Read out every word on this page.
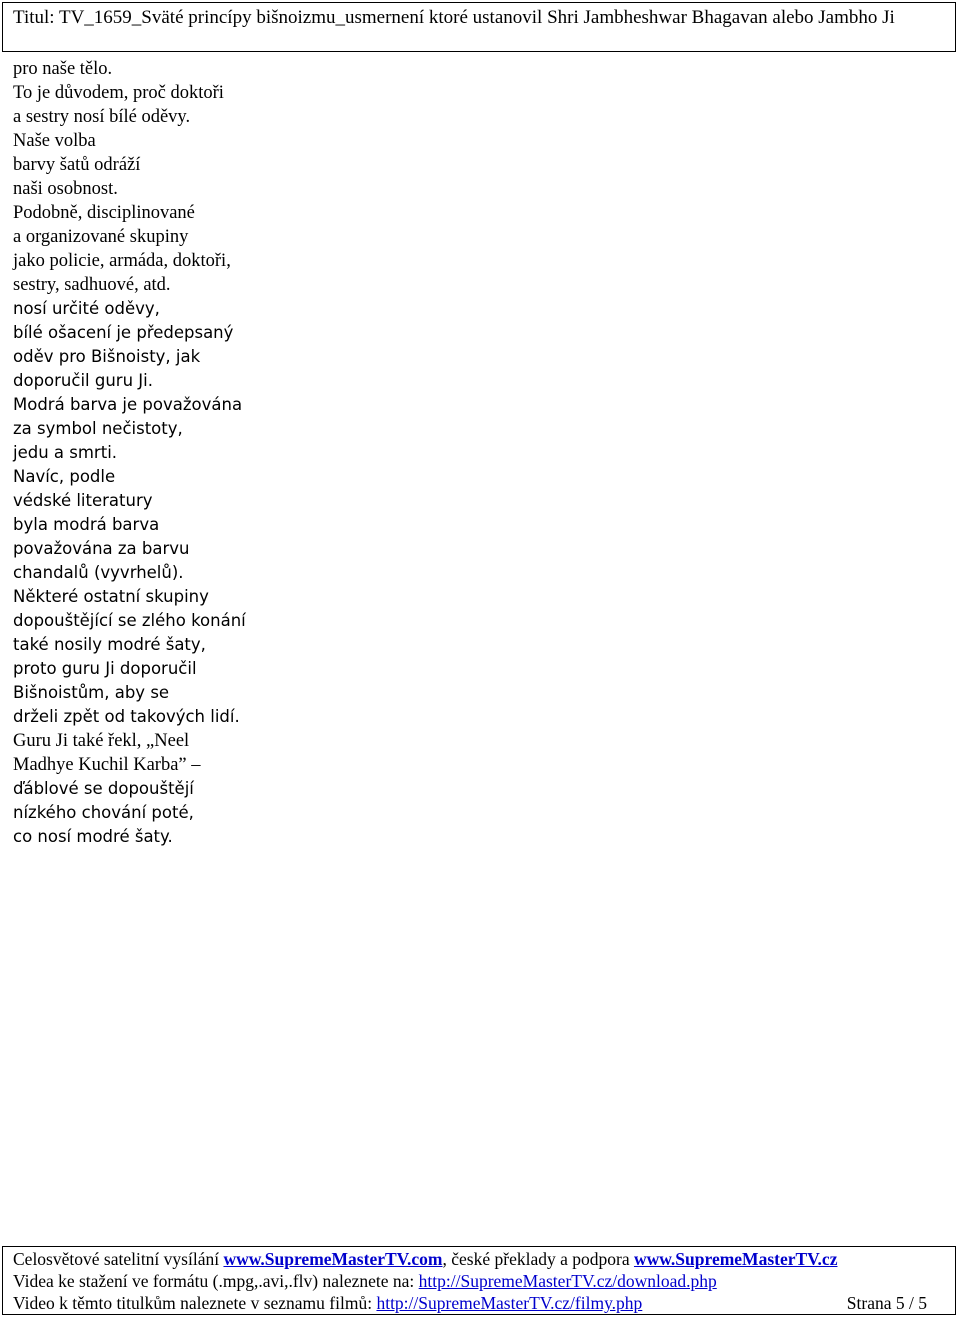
Titul: TV_1659_Sväté princípy bišnoizmu_usmernení ktoré ustanovil Shri Jambheshwar Bhagavan alebo Jambho Ji
pro naše tělo.
To je důvodem, proč doktoři
a sestry nosí bílé oděvy.
Naše volba
barvy šatů odráží
naši osobnost.
Podobně, disciplinované
a organizované skupiny
jako policie, armáda, doktoři,
sestry, sadhuové, atd.
nosí určité oděvy,
bílé ošacení je předepsaný
oděv pro Bišnoisty, jak
doporučil guru Ji.
Modrá barva je považována
za symbol nečistoty,
jedu a smrti.
Navíc, podle
védské literatury
byla modrá barva
považována za barvu
chandalů (vyvrhelů).
Některé ostatní skupiny
dopouštějící se zlého konání
také nosily modré šaty,
proto guru Ji doporučil
Bišnoistům, aby se
drželi zpět od takových lidí.
Guru Ji také řekl, „Neel
Madhye Kuchil Karba” –
ďáblové se dopouštějí
nízkého chování poté,
co nosí modré šaty.
Celosvětové satelitní vysílání www.SupremeMasterTV.com, české překlady a podpora www.SupremeMasterTV.cz
Videa ke stažení ve formátu (.mpg,.avi,.flv) naleznete na: http://SupremeMasterTV.cz/download.php
Video k těmto titulkům naleznete v seznamu filmů: http://SupremeMasterTV.cz/filmy.php	Strana 5 / 5
